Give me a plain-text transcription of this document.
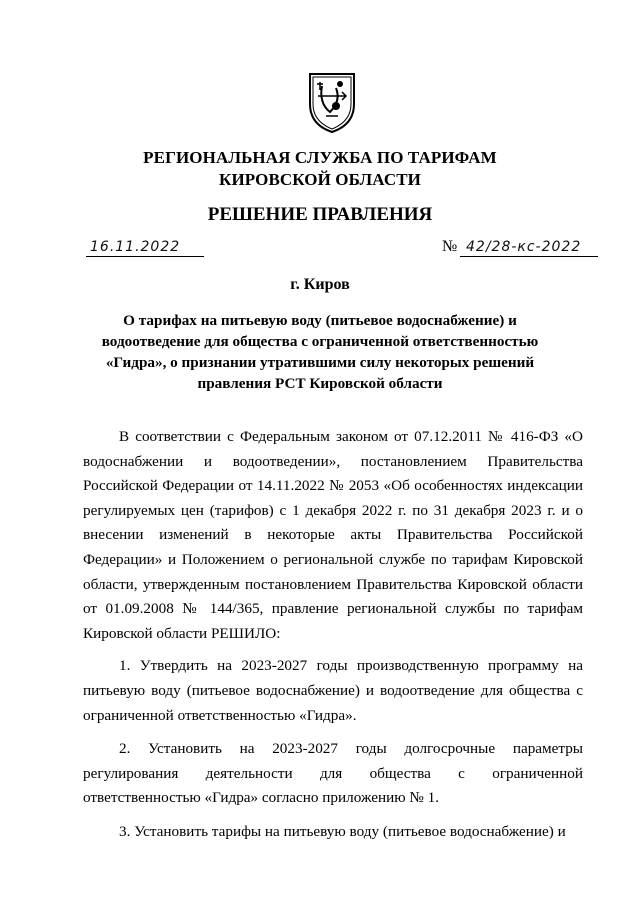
РЕГИОНАЛЬНАЯ СЛУЖБА ПО ТАРИФАМ
КИРОВСКОЙ ОБЛАСТИ
РЕШЕНИЕ ПРАВЛЕНИЯ
16.11.2022	№ 42/28-кс-2022
г. Киров
О тарифах на питьевую воду (питьевое водоснабжение) и водоотведение для общества с ограниченной ответственностью «Гидра», о признании утратившими силу некоторых решений правления РСТ Кировской области

В соответствии с Федеральным законом от 07.12.2011 № 416-ФЗ «О водоснабжении и водоотведении», постановлением Правительства Российской Федерации от 14.11.2022 № 2053 «Об особенностях индексации регулируемых цен (тарифов) с 1 декабря 2022 г. по 31 декабря 2023 г. и о внесении изменений в некоторые акты Правительства Российской Федерации» и Положением о региональной службе по тарифам Кировской области, утвержденным постановлением Правительства Кировской области от 01.09.2008 № 144/365, правление региональной службы по тарифам Кировской области РЕШИЛО:

1. Утвердить на 2023-2027 годы производственную программу на питьевую воду (питьевое водоснабжение) и водоотведение для общества с ограниченной ответственностью «Гидра».

2. Установить на 2023-2027 годы долгосрочные параметры регулирования деятельности для общества с ограниченной ответственностью «Гидра» согласно приложению № 1.

3. Установить тарифы на питьевую воду (питьевое водоснабжение) и
